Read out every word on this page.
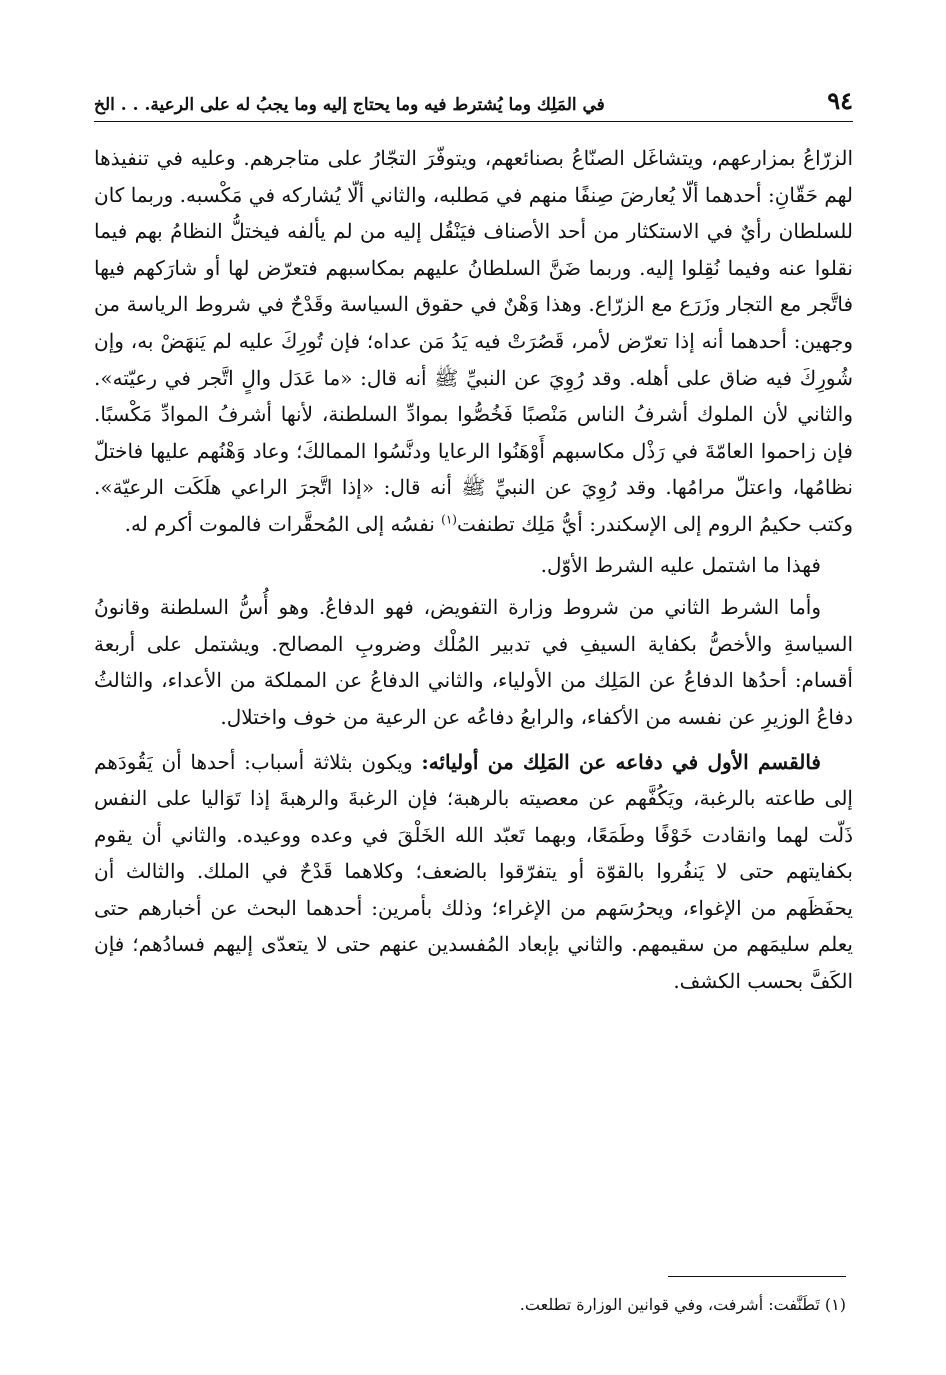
٩٤
في المَلِك وما يُشترط فيه وما يحتاج إليه وما يجبُ له على الرعية. . . الخ

الزرّاعُ بمزارعهم، ويتشاغَل الصنّاعُ بصنائعهم، ويتوفّرَ التجّارُ على متاجرهم. وعليه في تنفيذها لهم حَقّانِ: أحدهما ألّا يُعارضَ صِنفًا منهم في مَطلبه، والثاني ألّا يُشاركه في مَكْسبه. وربما كان للسلطان رأيٌ في الاستكثار من أحد الأصناف فيَنْقُل إليه من لم يألفه فيختلُّ النظامُ بهم فيما نقلوا عنه وفيما نُقِلوا إليه. وربما ضَنَّ السلطانُ عليهم بمكاسبهم فتعرّض لها أو شارَكهم فيها فاتَّجر مع التجار وزَرَع مع الزرّاع. وهذا وَهْنٌ في حقوق السياسة وقَدْحٌ في شروط الرياسة من وجهين: أحدهما أنه إذا تعرّض لأمر، قَصُرَتْ فيه يَدُ مَن عداه؛ فإن تُورِكَ عليه لم يَنهَضْ به، وإن شُورِكَ فيه ضاق على أهله. وقد رُوِيَ عن النبيِّ ﷺ أنه قال: «ما عَدَل والٍ اتَّجر في رعيّته». والثاني لأن الملوك أشرفُ الناس مَنْصبًا فَخُصُّوا بموادِّ السلطنة، لأنها أشرفُ الموادِّ مَكْسبًا. فإن زاحموا العامّةَ في رَذْل مكاسبهم أَوْهَنُوا الرعايا ودنَّسُوا الممالكَ؛ وعاد وَهْنُهم عليها فاختلّ نظامُها، واعتلّ مرامُها. وقد رُوِيَ عن النبيِّ ﷺ أنه قال: «إذا اتَّجرَ الراعي هلَكَت الرعيّة». وكتب حكيمُ الروم إلى الإسكندر: أيُّ مَلِك تطنفت$^{(١)}$ نفسُه إلى المُحقَّرات فالموت أكرم له.

فهذا ما اشتمل عليه الشرط الأوّل.

وأما الشرط الثاني من شروط وزارة التفويض، فهو الدفاعُ. وهو أُسُّ السلطنة وقانونُ السياسةِ والأخصُّ بكفاية السيفِ في تدبير المُلْك وضروبِ المصالح. ويشتمل على أربعة أقسام: أحدُها الدفاعُ عن المَلِك من الأولياء، والثاني الدفاعُ عن المملكة من الأعداء، والثالثُ دفاعُ الوزيرِ عن نفسه من الأكفاء، والرابعُ دفاعُه عن الرعية من خوف واختلال.

فالقسم الأول في دفاعه عن المَلِك من أوليائه: ويكون بثلاثة أسباب: أحدها أن يَقُودَهم إلى طاعته بالرغبة، ويَكُفَّهم عن معصيته بالرهبة؛ فإن الرغبةَ والرهبةَ إذا تَوَاليا على النفس ذَلّت لهما وانقادت خَوْفًا وطَمَعًا، وبهما تَعبّد الله الخَلْقَ في وعده ووعيده. والثاني أن يقوم بكفايتهم حتى لا يَنفُروا بالقوّة أو يتفرّقوا بالضعف؛ وكلاهما قَدْحٌ في الملك. والثالث أن يحفَظَهم من الإغواء، ويحرُسَهم من الإغراء؛ وذلك بأمرين: أحدهما البحث عن أخبارهم حتى يعلم سليمَهم من سقيمهم. والثاني بإبعاد المُفسدين عنهم حتى لا يتعدّى إليهم فسادُهم؛ فإن الكَفَّ بحسب الكشف.

(١) تَطَنَّفت: أشرفت، وفي قوانين الوزارة تطلعت.
